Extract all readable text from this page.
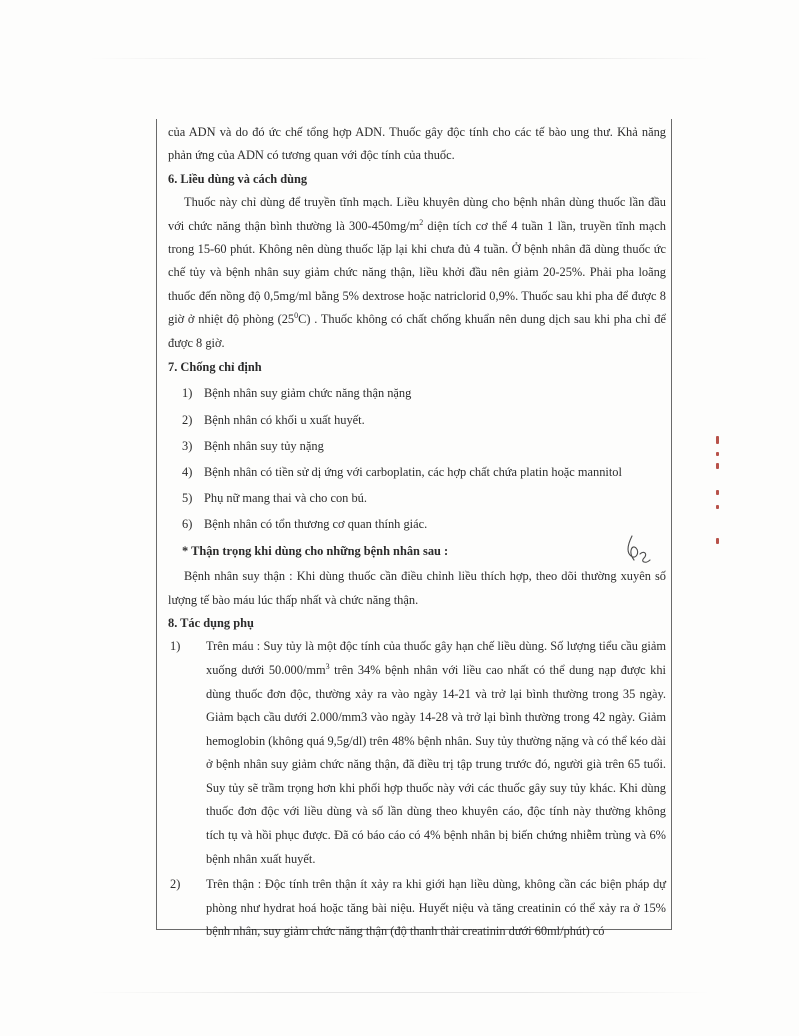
của ADN và do đó ức chế tổng hợp ADN. Thuốc gây độc tính cho các tế bào ung thư. Khả năng phản ứng của ADN có tương quan với độc tính của thuốc.

6. Liều dùng và cách dùng

Thuốc này chỉ dùng để truyền tĩnh mạch. Liều khuyên dùng cho bệnh nhân dùng thuốc lần đầu với chức năng thận bình thường là $300-450mg/m^2$ diện tích cơ thể 4 tuần 1 lần, truyền tĩnh mạch trong 15-60 phút. Không nên dùng thuốc lặp lại khi chưa đủ 4 tuần. Ở bệnh nhân đã dùng thuốc ức chế tủy và bệnh nhân suy giảm chức năng thận, liều khởi đầu nên giảm 20-25%. Phải pha loãng thuốc đến nồng độ 0,5mg/ml bằng 5% dextrose hoặc natriclorid 0,9%. Thuốc sau khi pha để được 8 giờ ở nhiệt độ phòng $(25^0C)$ . Thuốc không có chất chống khuẩn nên dung dịch sau khi pha chỉ để được 8 giờ.

7. Chống chỉ định

1) Bệnh nhân suy giảm chức năng thận nặng
2) Bệnh nhân có khối u xuất huyết.
3) Bệnh nhân suy tủy nặng
4) Bệnh nhân có tiền sử dị ứng với carboplatin, các hợp chất chứa platin hoặc mannitol
5) Phụ nữ mang thai và cho con bú.
6) Bệnh nhân có tổn thương cơ quan thính giác.

* Thận trọng khi dùng cho những bệnh nhân sau :

Bệnh nhân suy thận : Khi dùng thuốc cần điều chỉnh liều thích hợp, theo dõi thường xuyên số lượng tế bào máu lúc thấp nhất và chức năng thận.

8. Tác dụng phụ

1)	Trên máu : Suy tủy là một độc tính của thuốc gây hạn chế liều dùng. Số lượng tiểu cầu giảm xuống dưới $50.000/mm^3$ trên 34% bệnh nhân với liều cao nhất có thể dung nạp được khi dùng thuốc đơn độc, thường xảy ra vào ngày 14-21 và trở lại bình thường trong 35 ngày. Giảm bạch cầu dưới 2.000/mm3 vào ngày 14-28 và trở lại bình thường trong 42 ngày. Giảm hemoglobin (không quá 9,5g/dl) trên 48% bệnh nhân. Suy tủy thường nặng và có thể kéo dài ở bệnh nhân suy giảm chức năng thận, đã điều trị tập trung trước đó, người già trên 65 tuổi. Suy tủy sẽ trầm trọng hơn khi phối hợp thuốc này với các thuốc gây suy tủy khác. Khi dùng thuốc đơn độc với liều dùng và số lần dùng theo khuyên cáo, độc tính này thường không tích tụ và hồi phục được. Đã có báo cáo có 4% bệnh nhân bị biến chứng nhiễm trùng và 6% bệnh nhân xuất huyết.
2)	Trên thận : Độc tính trên thận ít xảy ra khi giới hạn liều dùng, không cần các biện pháp dự phòng như hydrat hoá hoặc tăng bài niệu. Huyết niệu và tăng creatinin có thể xảy ra ở 15% bệnh nhân, suy giảm chức năng thận (độ thanh thải creatinin dưới 60ml/phút) có
